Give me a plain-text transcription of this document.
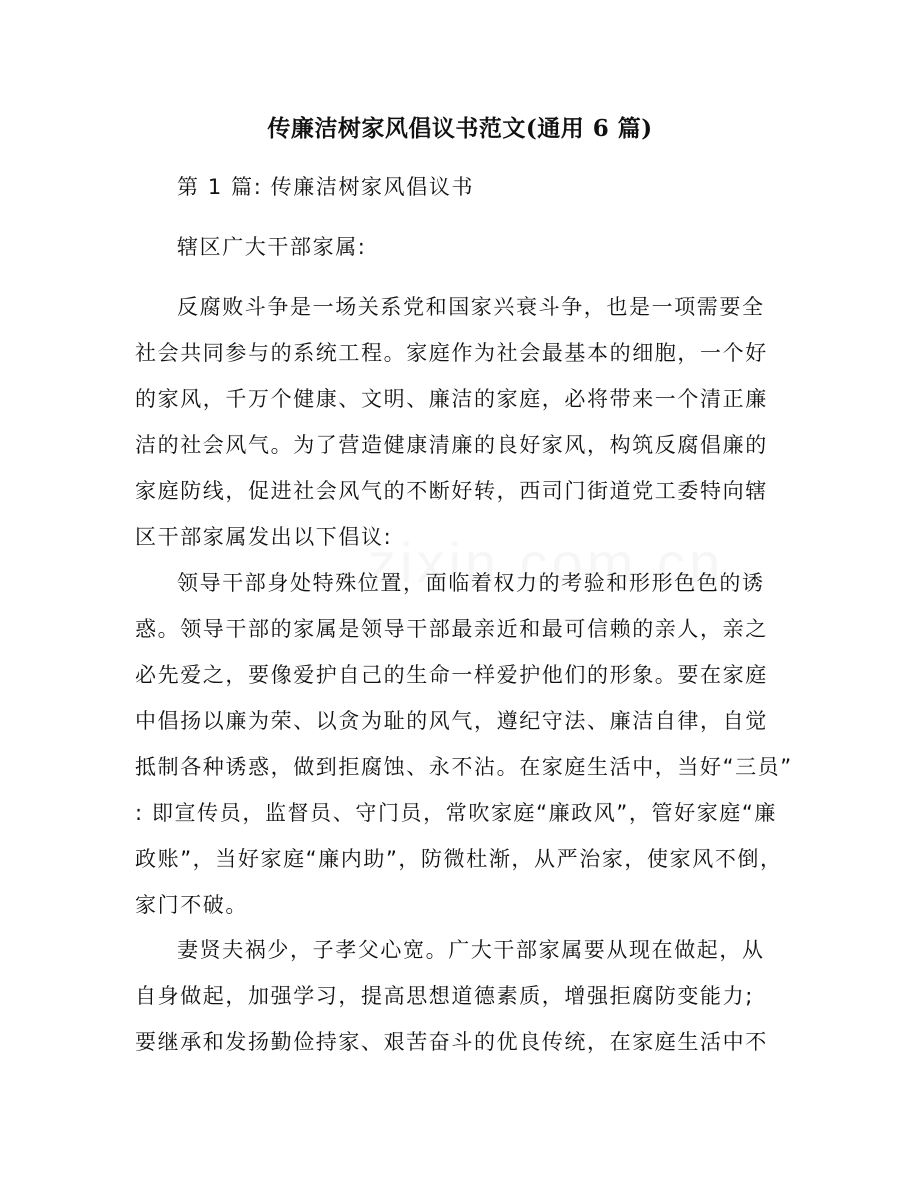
传廉洁树家风倡议书范文(通用 6 篇)
第 1 篇: 传廉洁树家风倡议书
辖区广大干部家属:
反腐败斗争是一场关系党和国家兴衰斗争，也是一项需要全
社会共同参与的系统工程。家庭作为社会最基本的细胞，一个好
的家风，千万个健康、文明、廉洁的家庭，必将带来一个清正廉
洁的社会风气。为了营造健康清廉的良好家风，构筑反腐倡廉的
家庭防线，促进社会风气的不断好转，西司门街道党工委特向辖
区干部家属发出以下倡议:
领导干部身处特殊位置，面临着权力的考验和形形色色的诱
惑。领导干部的家属是领导干部最亲近和最可信赖的亲人，亲之
必先爱之，要像爱护自己的生命一样爱护他们的形象。要在家庭
中倡扬以廉为荣、以贪为耻的风气，遵纪守法、廉洁自律，自觉
抵制各种诱惑，做到拒腐蚀、永不沾。在家庭生活中，当好“三员”
: 即宣传员，监督员、守门员，常吹家庭“廉政风”，管好家庭“廉
政账”，当好家庭“廉内助”，防微杜渐，从严治家，使家风不倒，
家门不破。
妻贤夫祸少，子孝父心宽。广大干部家属要从现在做起，从
自身做起，加强学习，提高思想道德素质，增强拒腐防变能力;
要继承和发扬勤俭持家、艰苦奋斗的优良传统，在家庭生活中不
